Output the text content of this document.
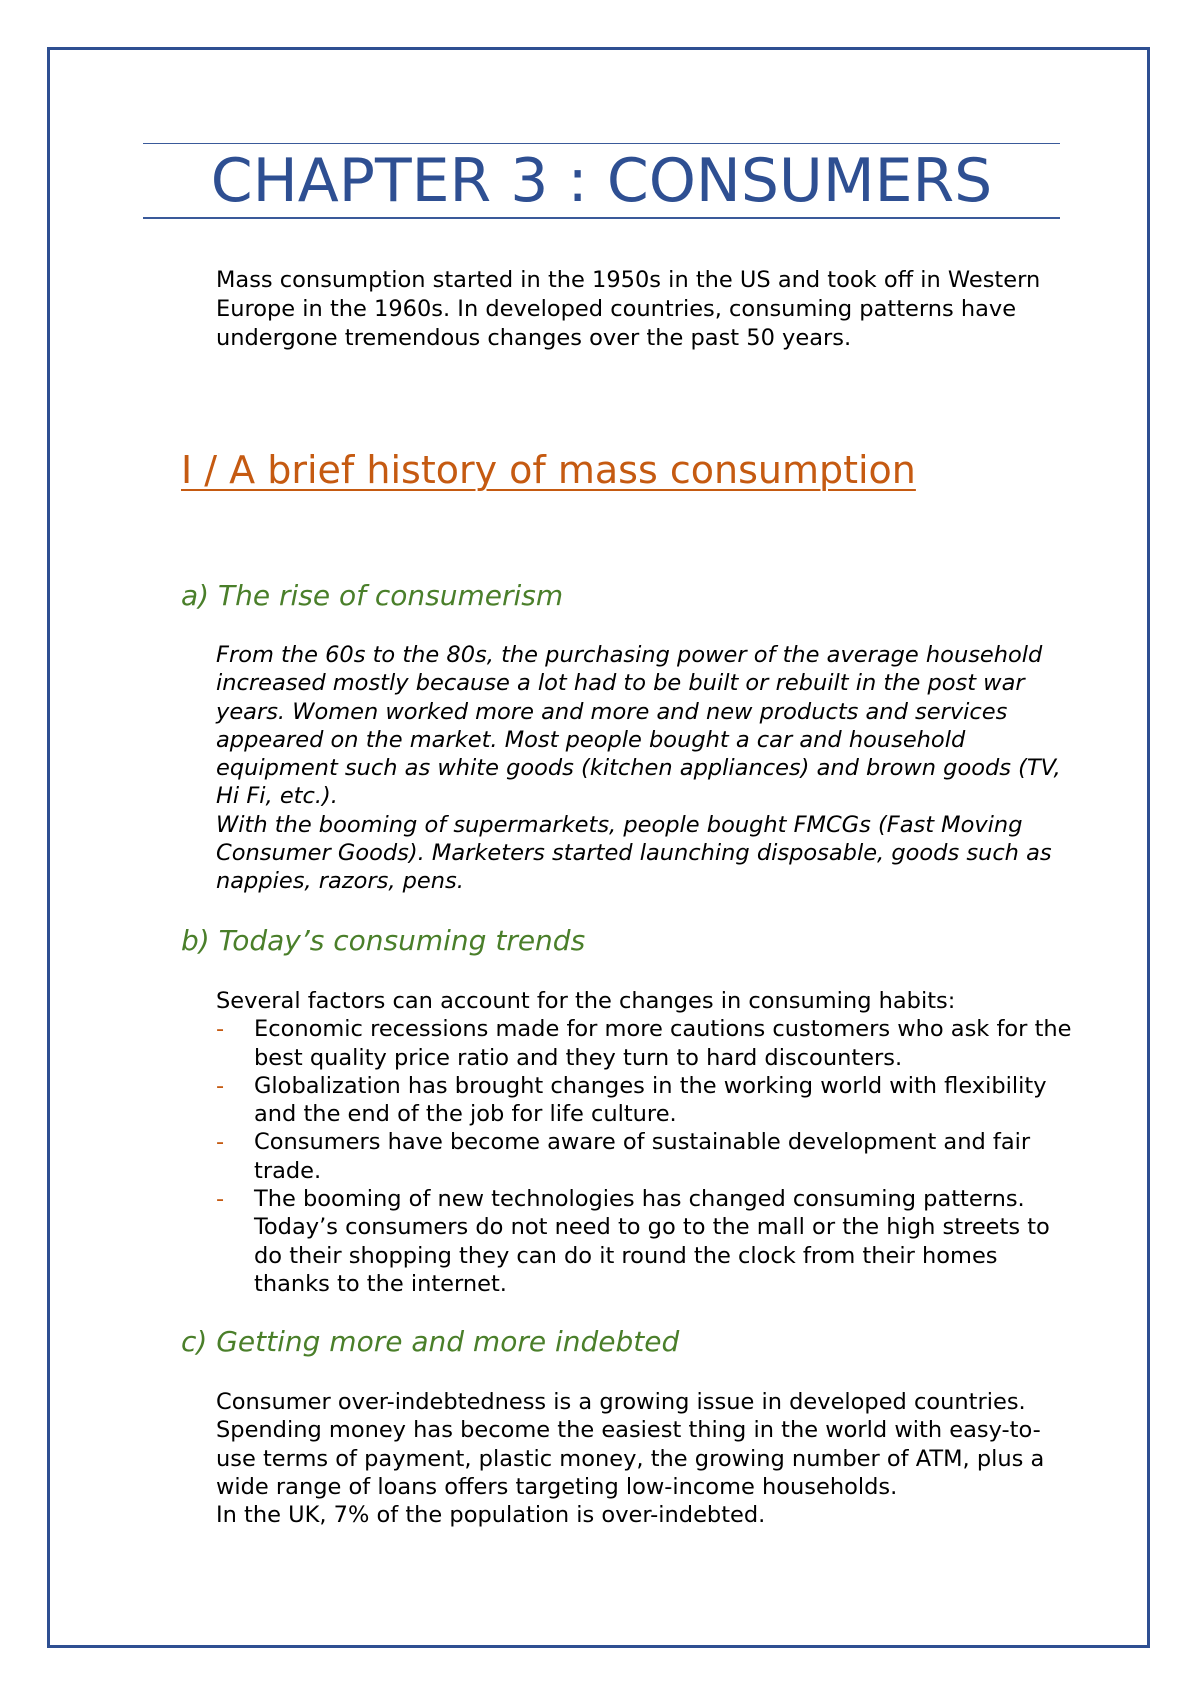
CHAPTER 3 : CONSUMERS

Mass consumption started in the 1950s in the US and took off in Western Europe in the 1960s. In developed countries, consuming patterns have undergone tremendous changes over the past 50 years.

I / A brief history of mass consumption
a) The rise of consumerism

From the 60s to the 80s, the purchasing power of the average household increased mostly because a lot had to be built or rebuilt in the post war years. Women worked more and more and new products and services appeared on the market. Most people bought a car and household equipment such as white goods (kitchen appliances) and brown goods (TV, Hi Fi, etc.).

With the booming of supermarkets, people bought FMCGs (Fast Moving Consumer Goods). Marketers started launching disposable, goods such as nappies, razors, pens.

b) Today’s consuming trends

Several factors can account for the changes in consuming habits:

- Economic recessions made for more cautions customers who ask for the best quality price ratio and they turn to hard discounters.
- Globalization has brought changes in the working world with flexibility and the end of the job for life culture.
- Consumers have become aware of sustainable development and fair trade.
- The booming of new technologies has changed consuming patterns. Today’s consumers do not need to go to the mall or the high streets to do their shopping they can do it round the clock from their homes thanks to the internet.
c) Getting more and more indebted

Consumer over-indebtedness is a growing issue in developed countries. Spending money has become the easiest thing in the world with easy-to-use terms of payment, plastic money, the growing number of ATM, plus a wide range of loans offers targeting low-income households.

In the UK, 7% of the population is over-indebted.
